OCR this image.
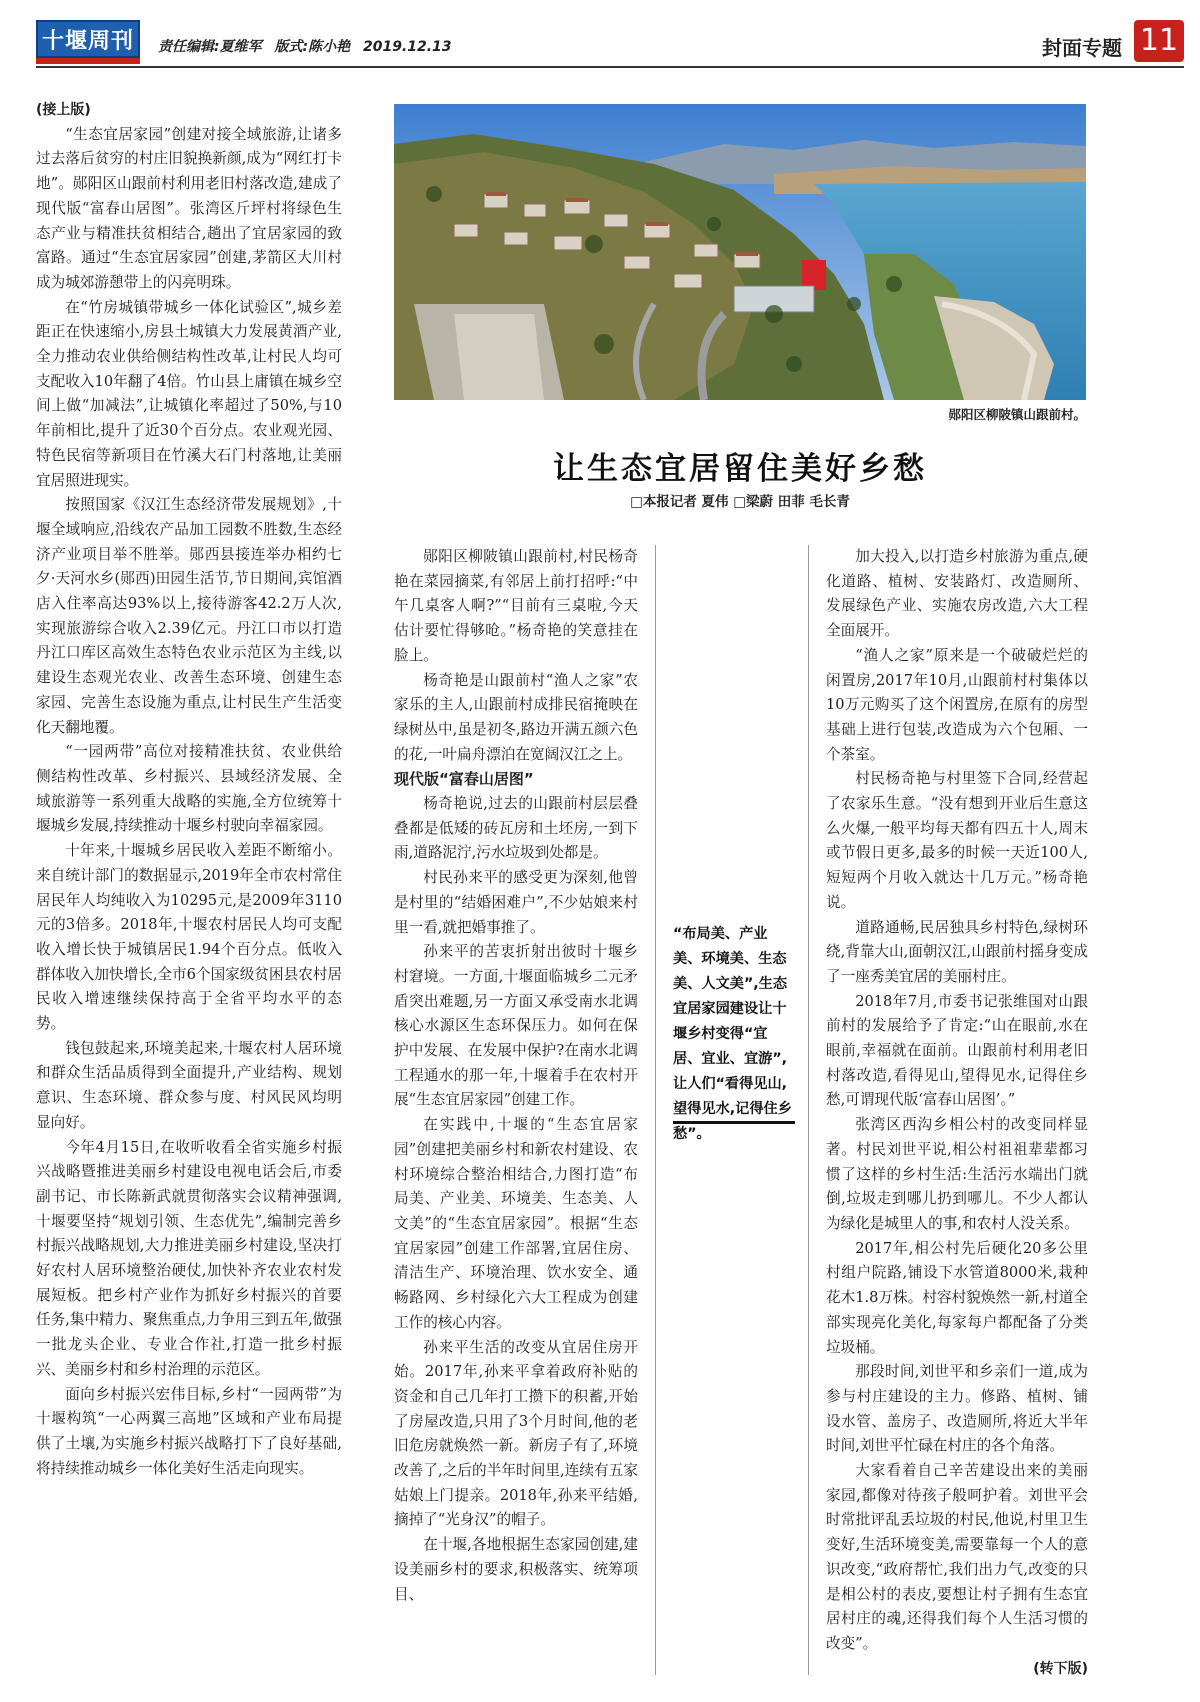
十堰周刊	责任编辑:夏维军 版式:陈小艳 2019.12.13	封面专题 11

(接上版)

“生态宜居家园”创建对接全域旅游,让诸多过去落后贫穷的村庄旧貌换新颜,成为“网红打卡地”。郧阳区山跟前村利用老旧村落改造,建成了现代版“富春山居图”。张湾区斤坪村将绿色生态产业与精准扶贫相结合,趟出了宜居家园的致富路。通过“生态宜居家园”创建,茅箭区大川村成为城郊游憩带上的闪亮明珠。

在“竹房城镇带城乡一体化试验区”,城乡差距正在快速缩小,房县土城镇大力发展黄酒产业,全力推动农业供给侧结构性改革,让村民人均可支配收入10年翻了4倍。竹山县上庸镇在城乡空间上做“加减法”,让城镇化率超过了50%,与10年前相比,提升了近30个百分点。农业观光园、特色民宿等新项目在竹溪大石门村落地,让美丽宜居照进现实。

按照国家《汉江生态经济带发展规划》,十堰全域响应,沿线农产品加工园数不胜数,生态经济产业项目举不胜举。郧西县接连举办相约七夕·天河水乡(郧西)田园生活节,节日期间,宾馆酒店入住率高达93%以上,接待游客42.2万人次,实现旅游综合收入2.39亿元。丹江口市以打造丹江口库区高效生态特色农业示范区为主线,以建设生态观光农业、改善生态环境、创建生态家园、完善生态设施为重点,让村民生产生活变化天翻地覆。

“一园两带”高位对接精准扶贫、农业供给侧结构性改革、乡村振兴、县域经济发展、全域旅游等一系列重大战略的实施,全方位统筹十堰城乡发展,持续推动十堰乡村驶向幸福家园。

十年来,十堰城乡居民收入差距不断缩小。来自统计部门的数据显示,2019年全市农村常住居民年人均纯收入为10295元,是2009年3110元的3倍多。2018年,十堰农村居民人均可支配收入增长快于城镇居民1.94个百分点。低收入群体收入加快增长,全市6个国家级贫困县农村居民收入增速继续保持高于全省平均水平的态势。

钱包鼓起来,环境美起来,十堰农村人居环境和群众生活品质得到全面提升,产业结构、规划意识、生态环境、群众参与度、村风民风均明显向好。

今年4月15日,在收听收看全省实施乡村振兴战略暨推进美丽乡村建设电视电话会后,市委副书记、市长陈新武就贯彻落实会议精神强调,十堰要坚持“规划引领、生态优先”,编制完善乡村振兴战略规划,大力推进美丽乡村建设,坚决打好农村人居环境整治硬仗,加快补齐农业农村发展短板。把乡村产业作为抓好乡村振兴的首要任务,集中精力、聚焦重点,力争用三到五年,做强一批龙头企业、专业合作社,打造一批乡村振兴、美丽乡村和乡村治理的示范区。

面向乡村振兴宏伟目标,乡村“一园两带”为十堰构筑“一心两翼三高地”区域和产业布局提供了土壤,为实施乡村振兴战略打下了良好基础,将持续推动城乡一体化美好生活走向现实。

郧阳区柳陂镇山跟前村。
让生态宜居留住美好乡愁
□本报记者 夏伟 □梁蔚 田菲 毛长青

郧阳区柳陂镇山跟前村,村民杨奇艳在菜园摘菜,有邻居上前打招呼:“中午几桌客人啊?”“目前有三桌啦,今天估计要忙得够呛。”杨奇艳的笑意挂在脸上。

杨奇艳是山跟前村“渔人之家”农家乐的主人,山跟前村成排民宿掩映在绿树丛中,虽是初冬,路边开满五颜六色的花,一叶扁舟漂泊在宽阔汉江之上。

现代版“富春山居图”

杨奇艳说,过去的山跟前村层层叠叠都是低矮的砖瓦房和土坯房,一到下雨,道路泥泞,污水垃圾到处都是。

村民孙来平的感受更为深刻,他曾是村里的“结婚困难户”,不少姑娘来村里一看,就把婚事推了。

孙来平的苦衷折射出彼时十堰乡村窘境。一方面,十堰面临城乡二元矛盾突出难题,另一方面又承受南水北调核心水源区生态环保压力。如何在保护中发展、在发展中保护?在南水北调工程通水的那一年,十堰着手在农村开展“生态宜居家园”创建工作。

在实践中,十堰的“生态宜居家园”创建把美丽乡村和新农村建设、农村环境综合整治相结合,力图打造“布局美、产业美、环境美、生态美、人文美”的“生态宜居家园”。根据“生态宜居家园”创建工作部署,宜居住房、清洁生产、环境治理、饮水安全、通畅路网、乡村绿化六大工程成为创建工作的核心内容。

孙来平生活的改变从宜居住房开始。2017年,孙来平拿着政府补贴的资金和自己几年打工攒下的积蓄,开始了房屋改造,只用了3个月时间,他的老旧危房就焕然一新。新房子有了,环境改善了,之后的半年时间里,连续有五家姑娘上门提亲。2018年,孙来平结婚,摘掉了“光身汉”的帽子。

在十堰,各地根据生态家园创建,建设美丽乡村的要求,积极落实、统筹项目、

“布局美、产业美、环境美、生态美、人文美”,生态宜居家园建设让十堰乡村变得“宜居、宜业、宜游”,让人们“看得见山,望得见水,记得住乡愁”。

加大投入,以打造乡村旅游为重点,硬化道路、植树、安装路灯、改造厕所、发展绿色产业、实施农房改造,六大工程全面展开。

“渔人之家”原来是一个破破烂烂的闲置房,2017年10月,山跟前村村集体以10万元购买了这个闲置房,在原有的房型基础上进行包装,改造成为六个包厢、一个茶室。

村民杨奇艳与村里签下合同,经营起了农家乐生意。“没有想到开业后生意这么火爆,一般平均每天都有四五十人,周末或节假日更多,最多的时候一天近100人,短短两个月收入就达十几万元。”杨奇艳说。

道路通畅,民居独具乡村特色,绿树环绕,背靠大山,面朝汉江,山跟前村摇身变成了一座秀美宜居的美丽村庄。

2018年7月,市委书记张维国对山跟前村的发展给予了肯定:“山在眼前,水在眼前,幸福就在面前。山跟前村利用老旧村落改造,看得见山,望得见水,记得住乡愁,可谓现代版‘富春山居图’。”

张湾区西沟乡相公村的改变同样显著。村民刘世平说,相公村祖祖辈辈都习惯了这样的乡村生活:生活污水端出门就倒,垃圾走到哪儿扔到哪儿。不少人都认为绿化是城里人的事,和农村人没关系。

2017年,相公村先后硬化20多公里村组户院路,铺设下水管道8000米,栽种花木1.8万株。村容村貌焕然一新,村道全部实现亮化美化,每家每户都配备了分类垃圾桶。

那段时间,刘世平和乡亲们一道,成为参与村庄建设的主力。修路、植树、铺设水管、盖房子、改造厕所,将近大半年时间,刘世平忙碌在村庄的各个角落。

大家看着自己辛苦建设出来的美丽家园,都像对待孩子般呵护着。刘世平会时常批评乱丢垃圾的村民,他说,村里卫生变好,生活环境变美,需要靠每一个人的意识改变,“政府帮忙,我们出力气,改变的只是相公村的表皮,要想让村子拥有生态宜居村庄的魂,还得我们每个人生活习惯的改变”。

(转下版)
